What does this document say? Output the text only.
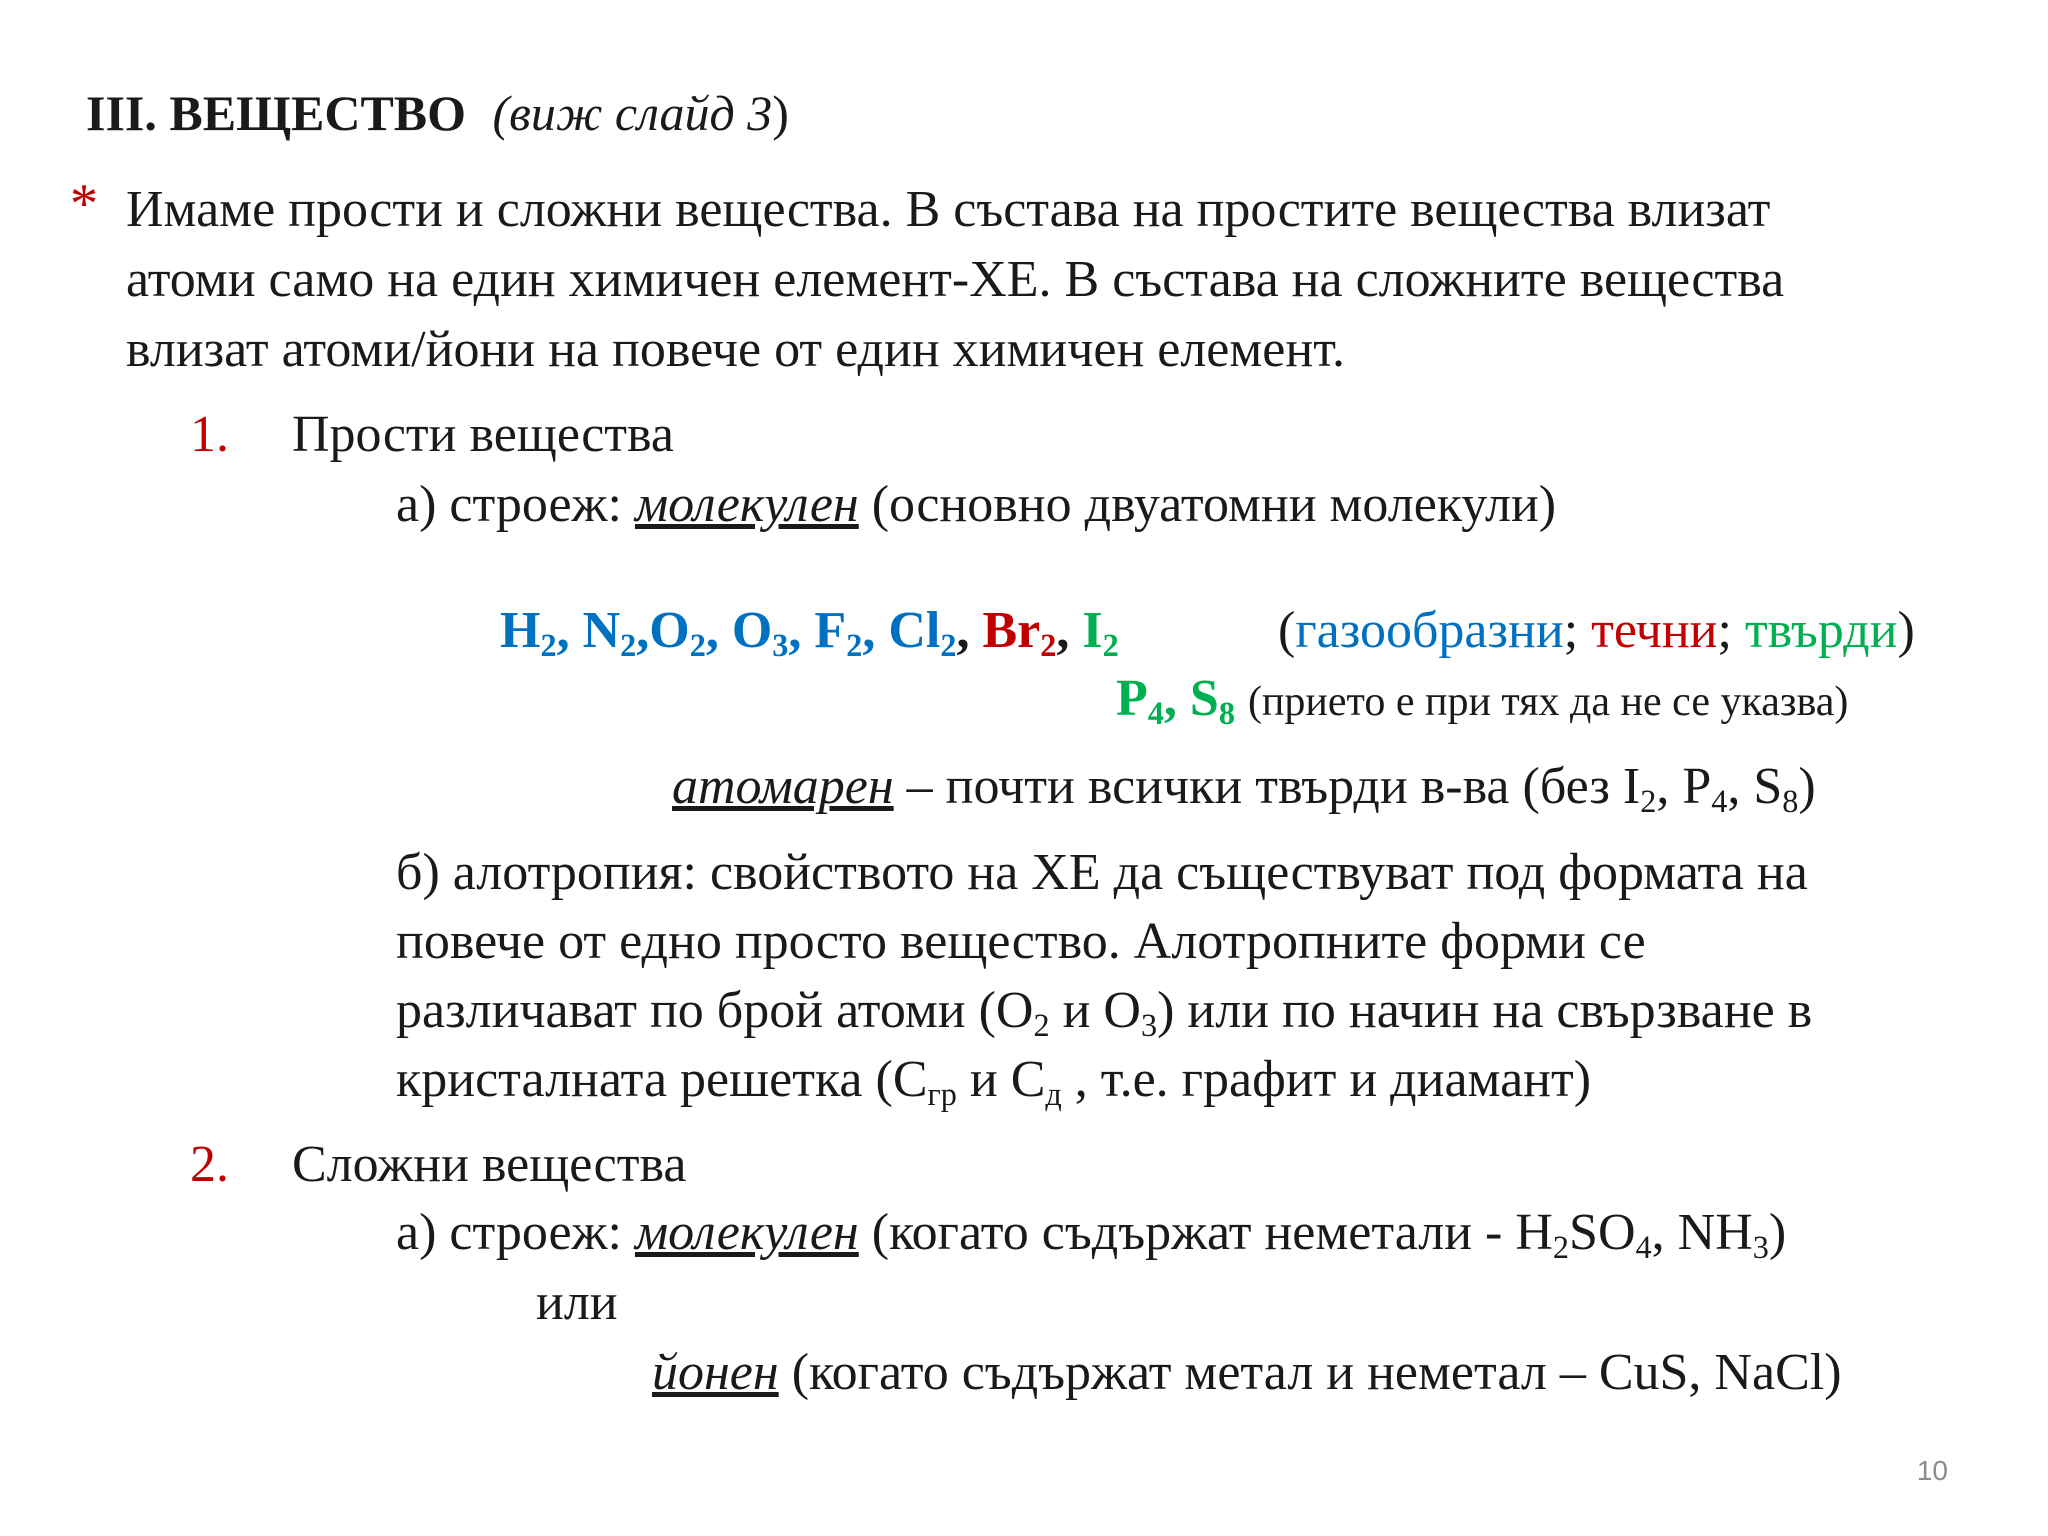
III. ВЕЩЕСТВО (виж слайд 3)
* Имаме прости и сложни вещества. В състава на простите вещества влизат
атоми само на един химичен елемент-ХЕ. В състава на сложните вещества
влизат атоми/йони на повече от един химичен елемент.
1. Прости вещества
а) строеж: молекулен (основно двуатомни молекули)
$H_2$, $N_2,O_2$, $O_3$, $F_2$, $Cl_2$, $Br_2$, $I_2$	(газообразни; течни; твърди)
$P_4$, $S_8$ (прието е при тях да не се указва)
атомарен – почти всички твърди в-ва (без $I_2$, $P_4$, $S_8$)
б) алотропия: свойството на ХЕ да съществуват под формата на
повече от едно просто вещество. Алотропните форми се
различават по брой атоми ($O_2$ и $O_3$) или по начин на свързване в
кристалната решетка ($C_{гр}$ и $C_д$ , т.е. графит и диамант)
2. Сложни вещества
а) строеж: молекулен (когато съдържат неметали - $H_2SO_4$, $NH_3$)
или
йонен (когато съдържат метал и неметал – CuS, NaCl)
10
